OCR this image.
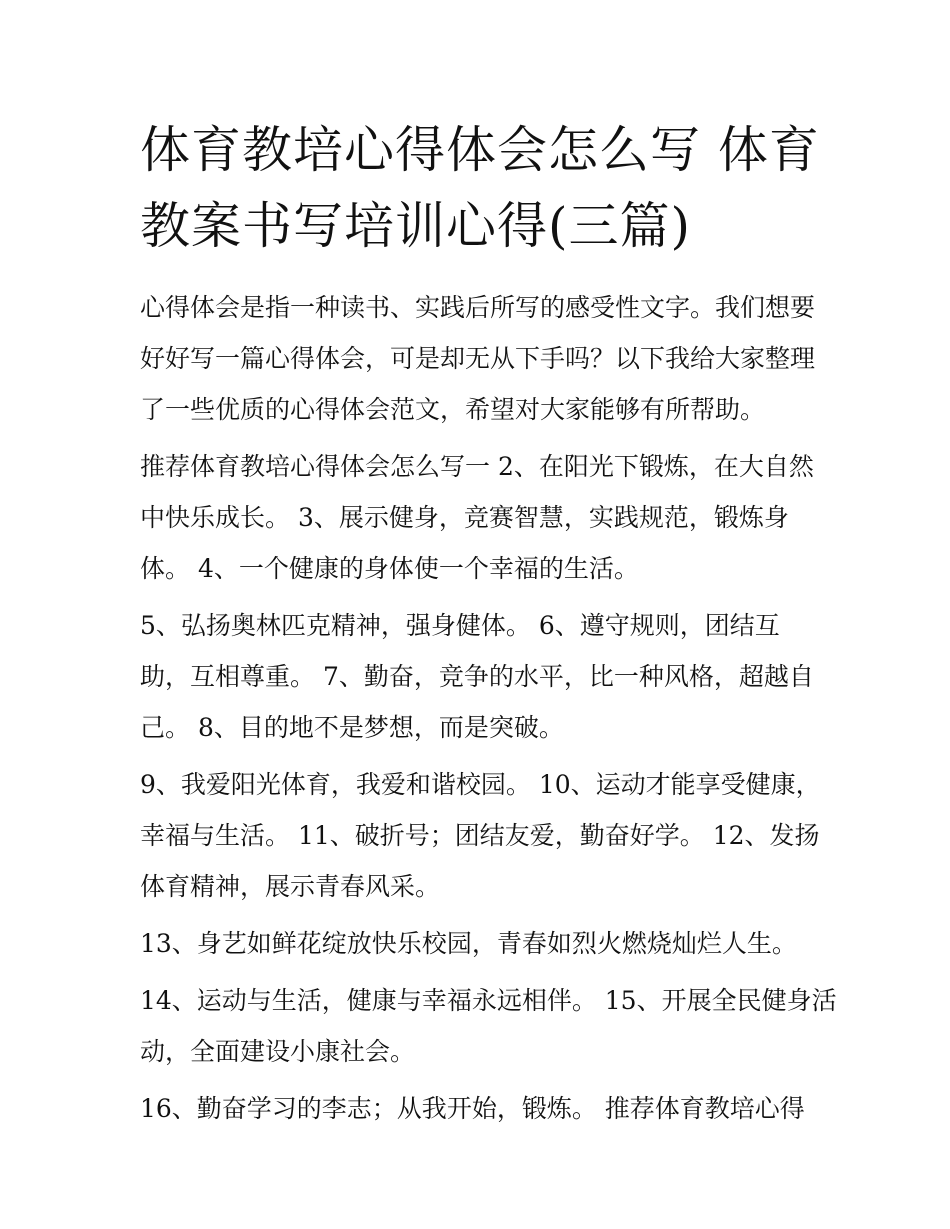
体育教培心得体会怎么写 体育
教案书写培训心得(三篇)

心得体会是指一种读书、实践后所写的感受性文字。我们想要
好好写一篇心得体会，可是却无从下手吗？以下我给大家整理
了一些优质的心得体会范文，希望对大家能够有所帮助。

推荐体育教培心得体会怎么写一 2、在阳光下锻炼，在大自然
中快乐成长。 3、展示健身，竞赛智慧，实践规范，锻炼身
体。 4、一个健康的身体使一个幸福的生活。

5、弘扬奥林匹克精神，强身健体。 6、遵守规则，团结互
助，互相尊重。 7、勤奋，竞争的水平，比一种风格，超越自
己。 8、目的地不是梦想，而是突破。

9、我爱阳光体育，我爱和谐校园。 10、运动才能享受健康，
幸福与生活。 11、破折号；团结友爱，勤奋好学。 12、发扬
体育精神，展示青春风采。

13、身艺如鲜花绽放快乐校园，青春如烈火燃烧灿烂人生。

14、运动与生活，健康与幸福永远相伴。 15、开展全民健身活
动，全面建设小康社会。

16、勤奋学习的李志；从我开始，锻炼。 推荐体育教培心得
